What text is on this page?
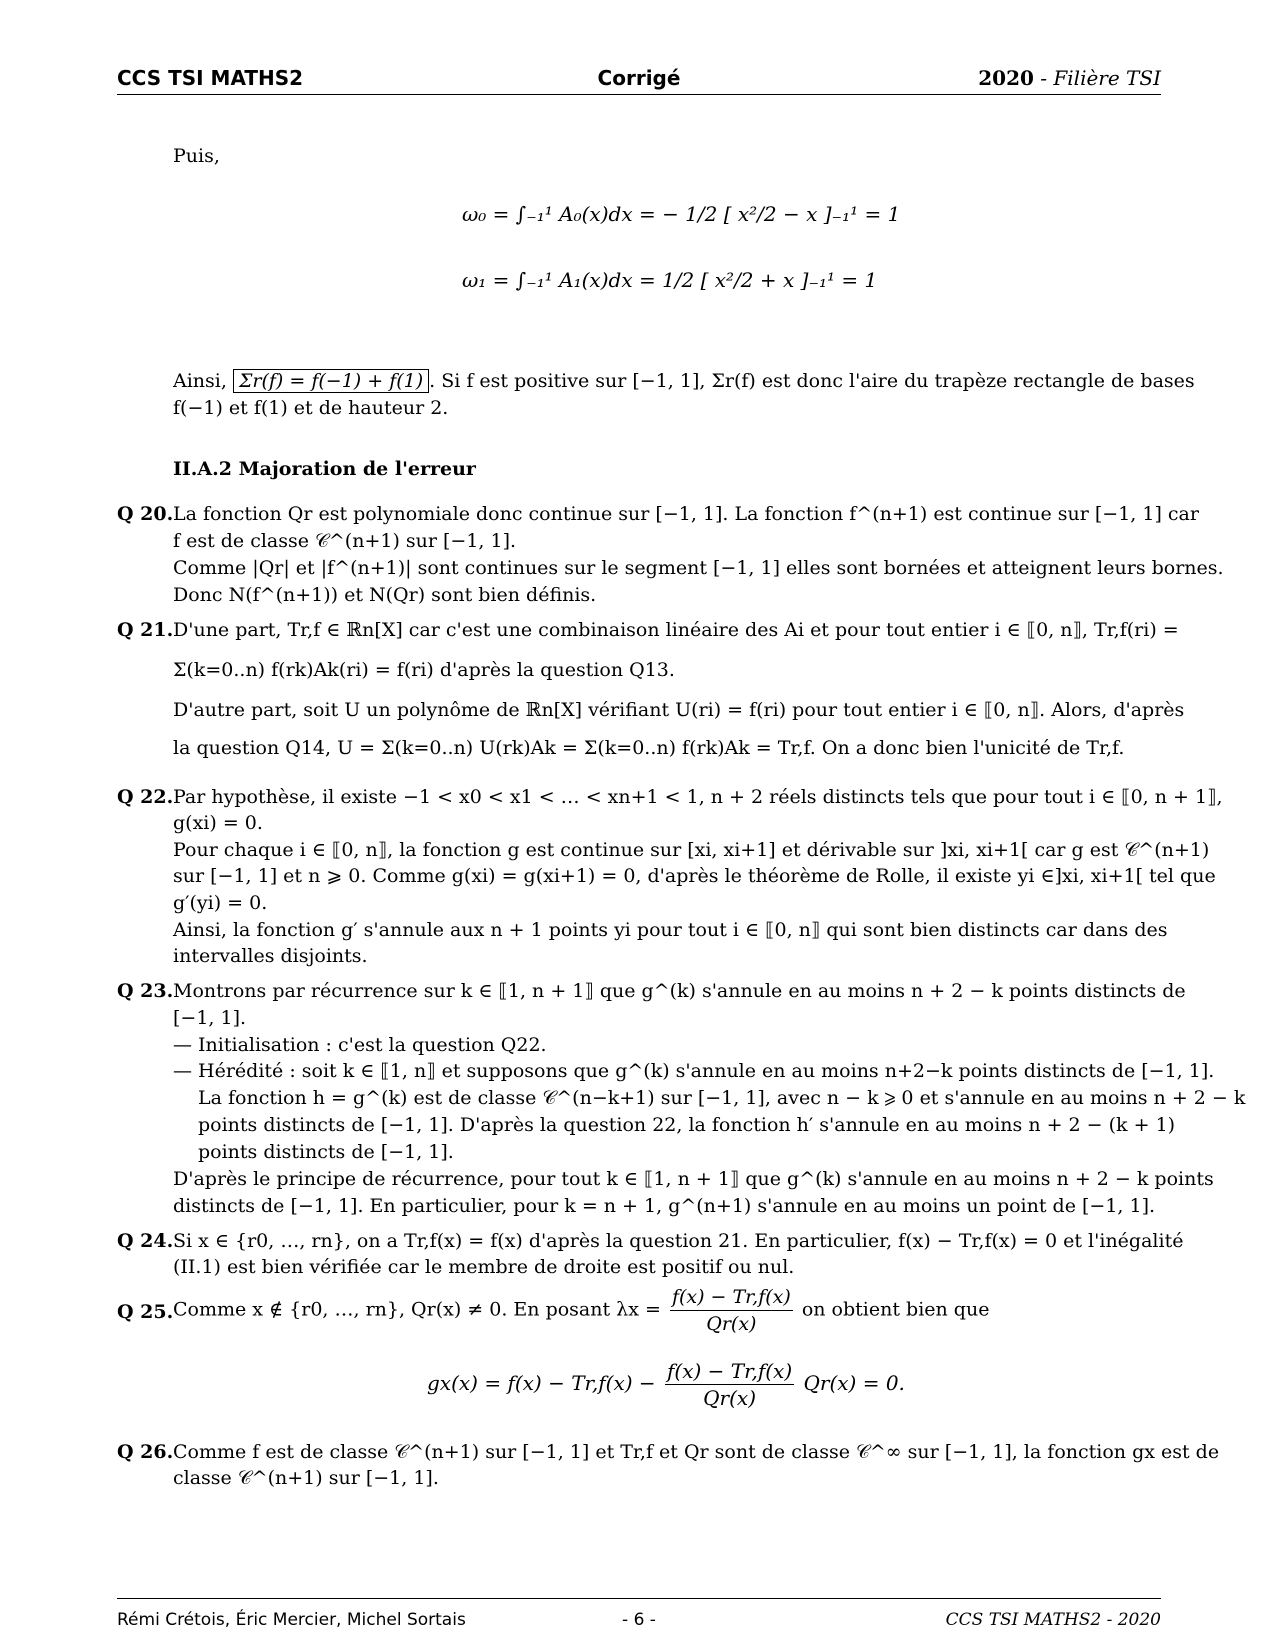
CCS TSI MATHS2	Corrigé	2020 - Filière TSI
Puis,
ω₀ = ∫₋₁¹ A₀(x)dx = − 1/2 [ x²/2 − x ]₋₁¹ = 1
ω₁ = ∫₋₁¹ A₁(x)dx = 1/2 [ x²/2 + x ]₋₁¹ = 1
Ainsi, Σr(f) = f(−1) + f(1) . Si f est positive sur [−1, 1], Σr(f) est donc l'aire du trapèze rectangle de bases
f(−1) et f(1) et de hauteur 2.
II.A.2 Majoration de l'erreur
Q 20. La fonction Qr est polynomiale donc continue sur [−1, 1]. La fonction f^(n+1) est continue sur [−1, 1] car
f est de classe 𝒞^(n+1) sur [−1, 1].
Comme |Qr| et |f^(n+1)| sont continues sur le segment [−1, 1] elles sont bornées et atteignent leurs bornes.
Donc N(f^(n+1)) et N(Qr) sont bien définis.
Q 21. D'une part, Tr,f ∈ ℝn[X] car c'est une combinaison linéaire des Ai et pour tout entier i ∈ ⟦0, n⟧, Tr,f(ri) =
Σ(k=0..n) f(rk)Ak(ri) = f(ri) d'après la question Q13.
D'autre part, soit U un polynôme de ℝn[X] vérifiant U(ri) = f(ri) pour tout entier i ∈ ⟦0, n⟧. Alors, d'après
la question Q14, U = Σ(k=0..n) U(rk)Ak = Σ(k=0..n) f(rk)Ak = Tr,f. On a donc bien l'unicité de Tr,f.
Q 22. Par hypothèse, il existe −1 < x0 < x1 < … < xn+1 < 1, n + 2 réels distincts tels que pour tout i ∈ ⟦0, n + 1⟧,
g(xi) = 0.
Pour chaque i ∈ ⟦0, n⟧, la fonction g est continue sur [xi, xi+1] et dérivable sur ]xi, xi+1[ car g est 𝒞^(n+1)
sur [−1, 1] et n ⩾ 0. Comme g(xi) = g(xi+1) = 0, d'après le théorème de Rolle, il existe yi ∈]xi, xi+1[ tel que
g′(yi) = 0.
Ainsi, la fonction g′ s'annule aux n + 1 points yi pour tout i ∈ ⟦0, n⟧ qui sont bien distincts car dans des
intervalles disjoints.
Q 23. Montrons par récurrence sur k ∈ ⟦1, n + 1⟧ que g^(k) s'annule en au moins n + 2 − k points distincts de
[−1, 1].
— Initialisation : c'est la question Q22.
— Hérédité : soit k ∈ ⟦1, n⟧ et supposons que g^(k) s'annule en au moins n+2−k points distincts de [−1, 1].
La fonction h = g^(k) est de classe 𝒞^(n−k+1) sur [−1, 1], avec n − k ⩾ 0 et s'annule en au moins n + 2 − k
points distincts de [−1, 1]. D'après la question 22, la fonction h′ s'annule en au moins n + 2 − (k + 1)
points distincts de [−1, 1].
D'après le principe de récurrence, pour tout k ∈ ⟦1, n + 1⟧ que g^(k) s'annule en au moins n + 2 − k points
distincts de [−1, 1]. En particulier, pour k = n + 1, g^(n+1) s'annule en au moins un point de [−1, 1].
Q 24. Si x ∈ {r0, …, rn}, on a Tr,f(x) = f(x) d'après la question 21. En particulier, f(x) − Tr,f(x) = 0 et l'inégalité
(II.1) est bien vérifiée car le membre de droite est positif ou nul.
Q 25. Comme x ∉ {r0, …, rn}, Qr(x) ≠ 0. En posant $\lambda x = \frac{f(x) - Tr,f(x)}{Qr(x)}$ on obtient bien que
$gx(x) = f(x) - Tr,f(x) - \frac{f(x) - Tr,f(x)}{Qr(x)} Qr(x) = 0$.
Q 26. Comme f est de classe 𝒞^(n+1) sur [−1, 1] et Tr,f et Qr sont de classe 𝒞^∞ sur [−1, 1], la fonction gx est de
classe 𝒞^(n+1) sur [−1, 1].
Rémi Crétois, Éric Mercier, Michel Sortais	- 6 -	CCS TSI MATHS2 - 2020
